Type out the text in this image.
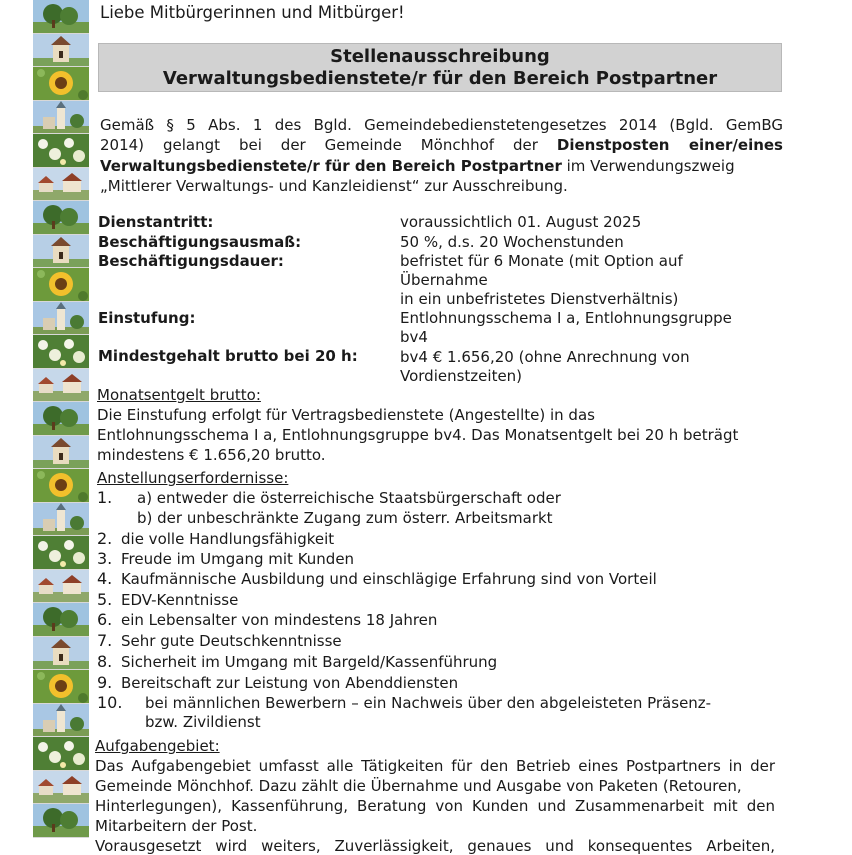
Liebe Mitbürgerinnen und Mitbürger!
Stellenausschreibung
Verwaltungsbedienstete/r für den Bereich Postpartner
Gemäß § 5 Abs. 1 des Bgld. Gemeindebedienstetengesetzes 2014 (Bgld. GemBG
2014) gelangt bei der Gemeinde Mönchhof der Dienstposten einer/eines
Verwaltungsbedienstete/r für den Bereich Postpartner im Verwendungszweig
„Mittlerer Verwaltungs- und Kanzleidienst“ zur Ausschreibung.
Dienstantritt:	voraussichtlich 01. August 2025
Beschäftigungsausmaß:	50 %, d.s. 20 Wochenstunden
Beschäftigungsdauer:	befristet für 6 Monate (mit Option auf
Übernahme
in ein unbefristetes Dienstverhältnis)
Einstufung:	Entlohnungsschema I a, Entlohnungsgruppe
bv4
Mindestgehalt brutto bei 20 h:	bv4 € 1.656,20 (ohne Anrechnung von
Vordienstzeiten)
Monatsentgelt brutto:
Die Einstufung erfolgt für Vertragsbedienstete (Angestellte) in das
Entlohnungsschema I a, Entlohnungsgruppe bv4. Das Monatsentgelt bei 20 h beträgt
mindestens € 1.656,20 brutto.
Anstellungserfordernisse:
1. a) entweder die österreichische Staatsbürgerschaft oder
b) der unbeschränkte Zugang zum österr. Arbeitsmarkt
2. die volle Handlungsfähigkeit
3. Freude im Umgang mit Kunden
4. Kaufmännische Ausbildung und einschlägige Erfahrung sind von Vorteil
5. EDV-Kenntnisse
6. ein Lebensalter von mindestens 18 Jahren
7. Sehr gute Deutschkenntnisse
8. Sicherheit im Umgang mit Bargeld/Kassenführung
9. Bereitschaft zur Leistung von Abenddiensten
10. bei männlichen Bewerbern – ein Nachweis über den abgeleisteten Präsenz-
bzw. Zivildienst
Aufgabengebiet:
Das Aufgabengebiet umfasst alle Tätigkeiten für den Betrieb eines Postpartners in der
Gemeinde Mönchhof. Dazu zählt die Übernahme und Ausgabe von Paketen (Retouren,
Hinterlegungen), Kassenführung, Beratung von Kunden und Zusammenarbeit mit den
Mitarbeitern der Post.
Vorausgesetzt wird weiters, Zuverlässigkeit, genaues und konsequentes Arbeiten,
